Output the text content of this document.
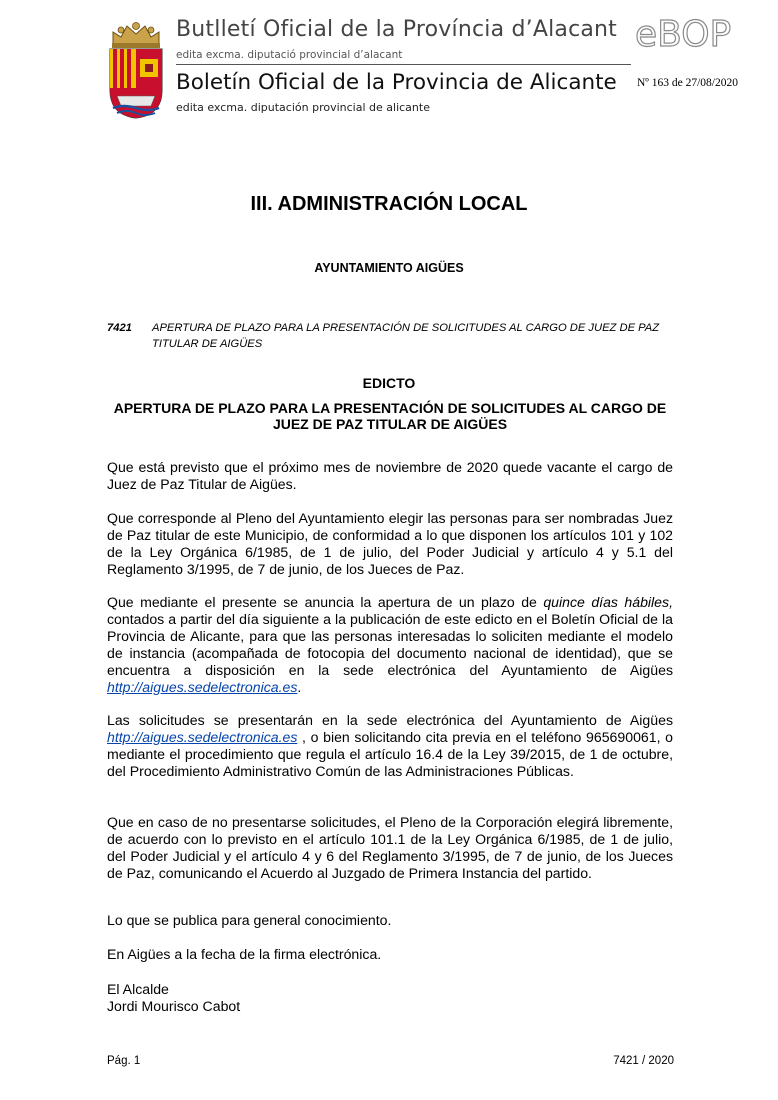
Butlletí Oficial de la Província d’Alacant
edita excma. diputació provincial d’alacant
Boletín Oficial de la Provincia de Alicante
edita excma. diputación provincial de alicante
eBOP
Nº 163 de 27/08/2020
III. ADMINISTRACIÓN LOCAL
AYUNTAMIENTO AIGÜES
7421	APERTURA DE PLAZO PARA LA PRESENTACIÓN DE SOLICITUDES AL CARGO DE JUEZ DE PAZ TITULAR DE AIGÜES
EDICTO
APERTURA DE PLAZO PARA LA PRESENTACIÓN DE SOLICITUDES AL CARGO DE JUEZ DE PAZ TITULAR DE AIGÜES
Que está previsto que el próximo mes de noviembre de 2020 quede vacante el cargo de Juez de Paz Titular de Aigües.
Que corresponde al Pleno del Ayuntamiento elegir las personas para ser nombradas Juez de Paz titular de este Municipio, de conformidad a lo que disponen los artículos 101 y 102 de la Ley Orgánica 6/1985, de 1 de julio, del Poder Judicial y artículo 4 y 5.1 del Reglamento 3/1995, de 7 de junio, de los Jueces de Paz.
Que mediante el presente se anuncia la apertura de un plazo de quince días hábiles, contados a partir del día siguiente a la publicación de este edicto en el Boletín Oficial de la Provincia de Alicante, para que las personas interesadas lo soliciten mediante el modelo de instancia (acompañada de fotocopia del documento nacional de identidad), que se encuentra a disposición en la sede electrónica del Ayuntamiento de Aigües http://aigues.sedelectronica.es.
Las solicitudes se presentarán en la sede electrónica del Ayuntamiento de Aigües http://aigues.sedelectronica.es , o bien solicitando cita previa en el teléfono 965690061, o mediante el procedimiento que regula el artículo 16.4 de la Ley 39/2015, de 1 de octubre, del Procedimiento Administrativo Común de las Administraciones Públicas.
Que en caso de no presentarse solicitudes, el Pleno de la Corporación elegirá libremente, de acuerdo con lo previsto en el artículo 101.1 de la Ley Orgánica 6/1985, de 1 de julio, del Poder Judicial y el artículo 4 y 6 del Reglamento 3/1995, de 7 de junio, de los Jueces de Paz, comunicando el Acuerdo al Juzgado de Primera Instancia del partido.
Lo que se publica para general conocimiento.
En Aigües a la fecha de la firma electrónica.
El Alcalde
Jordi Mourisco Cabot
Pág. 1	7421 / 2020
